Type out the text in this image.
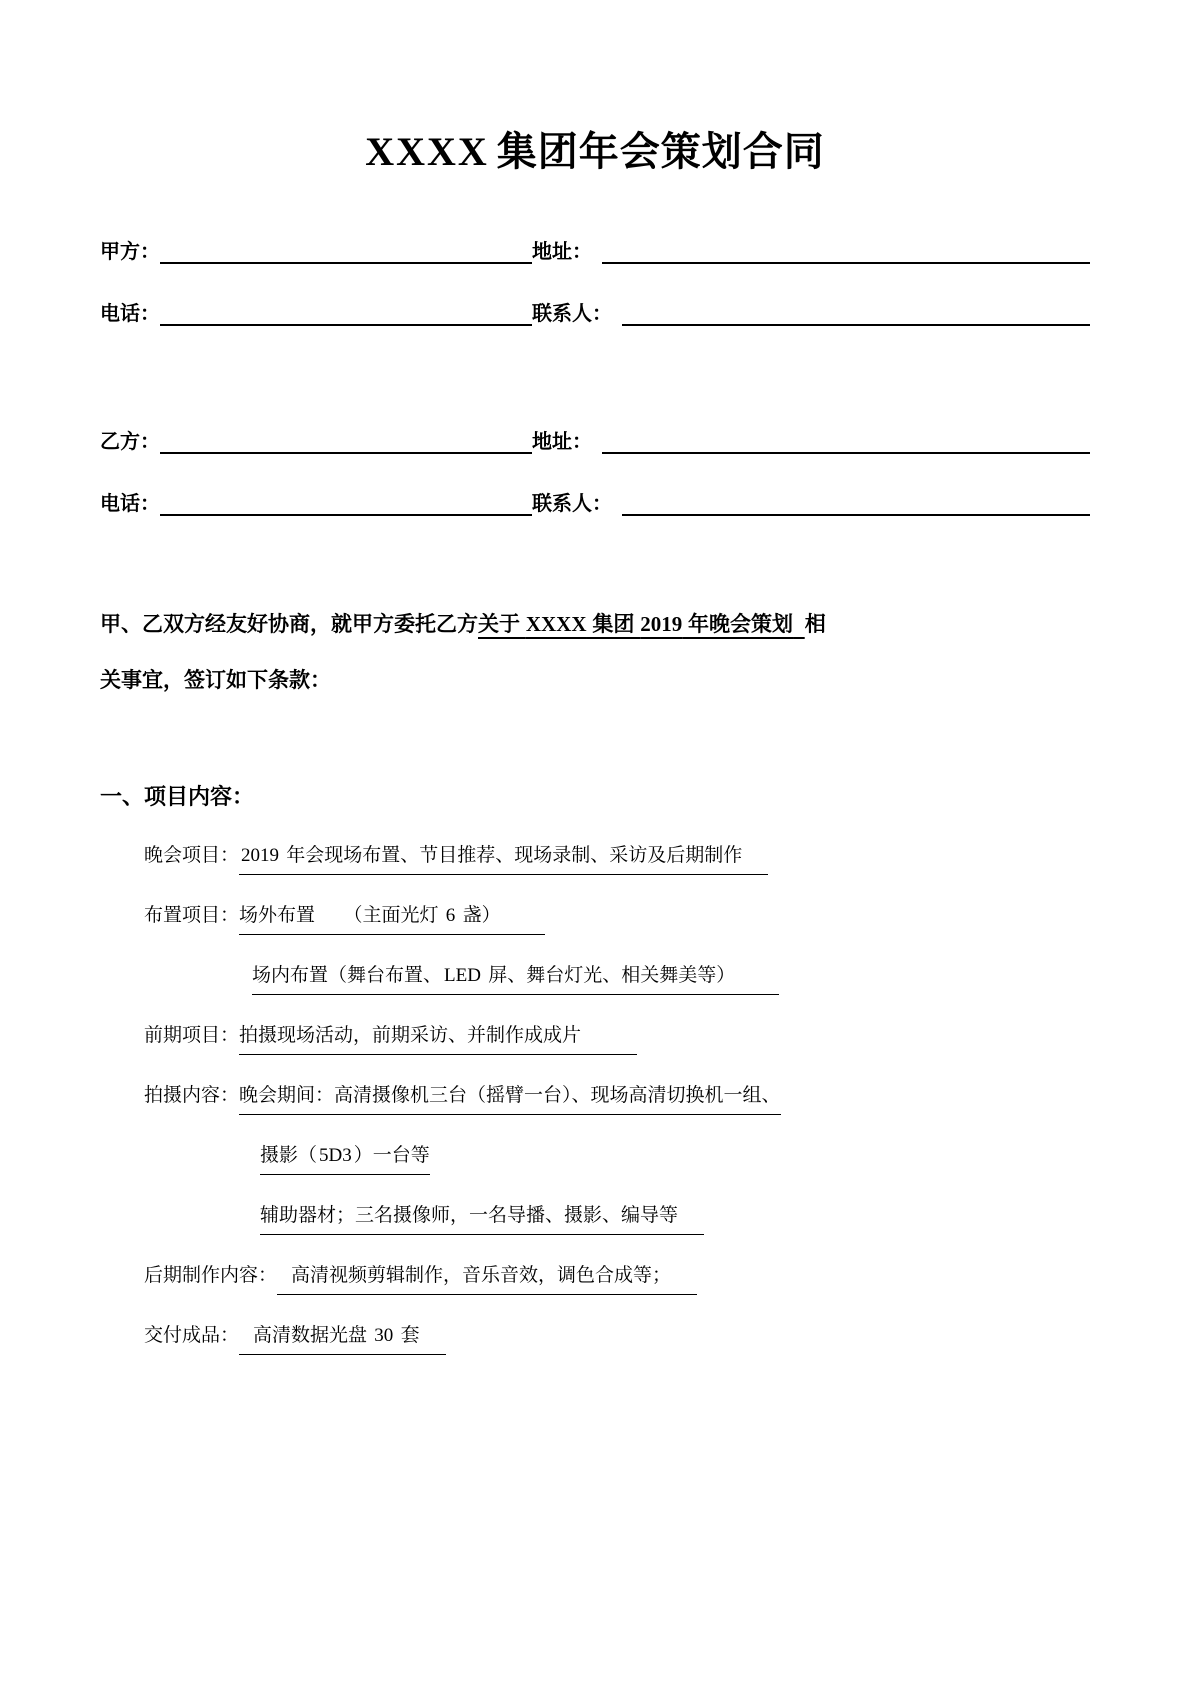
XXXX 集团年会策划合同
甲方：	地址：
电话：	联系人：
乙方：	地址：
电话：	联系人：
甲、乙双方经友好协商，就甲方委托乙方关于 XXXX 集团 2019 年晚会策划 相
关事宜，签订如下条款：
一、项目内容：
晚会项目： 2019 年会现场布置、节目推荐、现场录制、采访及后期制作
布置项目： 场外布置　　（主面光灯 6 盏）
场内布置（舞台布置、 LED 屏、舞台灯光、相关舞美等）
前期项目： 拍摄现场活动，前期采访、并制作成成片
拍摄内容： 晚会期间：高清摄像机三台（摇臂一台）、现场高清切换机一组、
摄影（ 5D3 ）一台等
辅助器材；三名摄像师，一名导播、摄影、编导等
后期制作内容： 高清视频剪辑制作，音乐音效，调色合成等；
交付成品： 高清数据光盘 30 套
